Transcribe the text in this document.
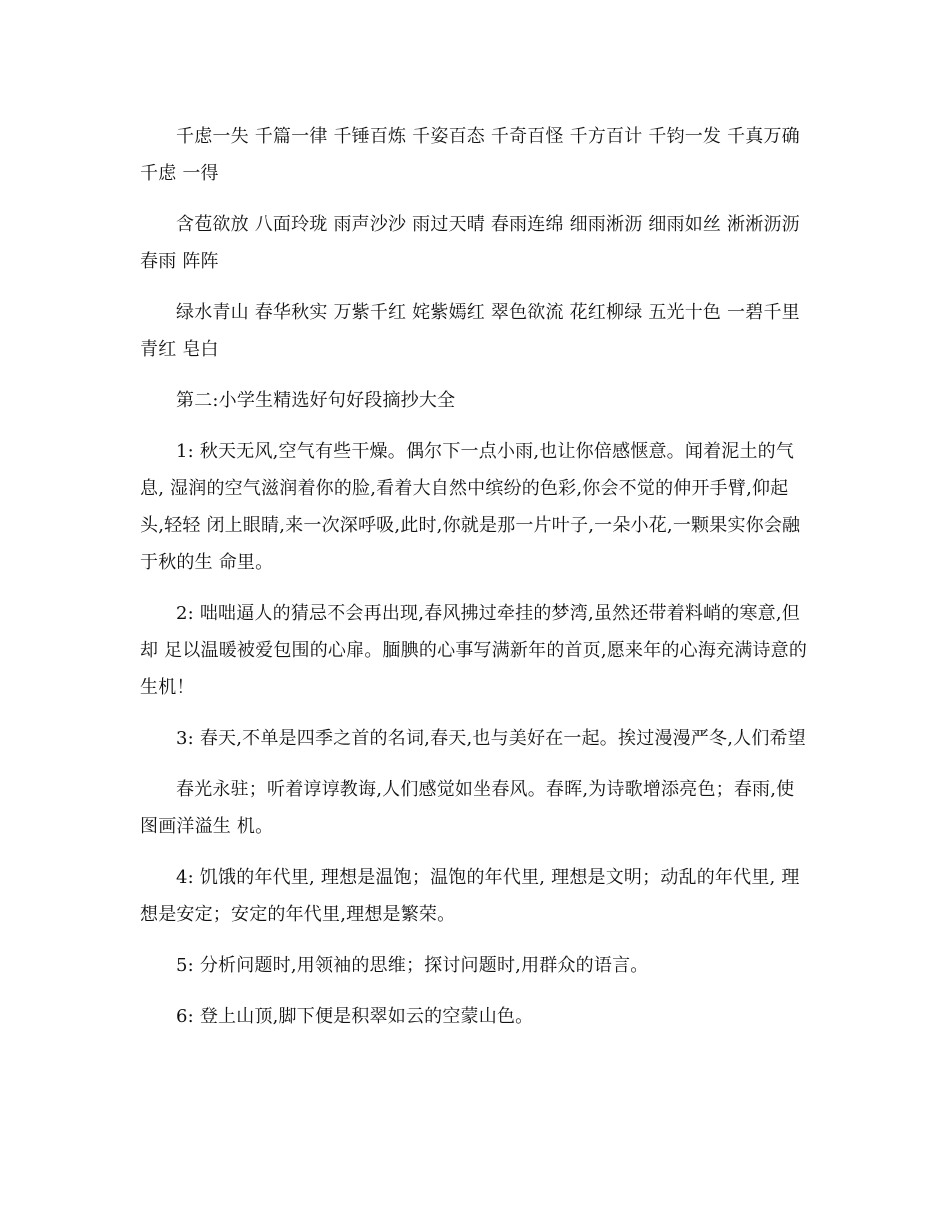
千虑一失 千篇一律 千锤百炼 千姿百态 千奇百怪 千方百计 千钧一发 千真万确 千虑 一得

含苞欲放 八面玲珑 雨声沙沙 雨过天晴 春雨连绵 细雨淅沥 细雨如丝 淅淅沥沥 春雨 阵阵

绿水青山 春华秋实 万紫千红 姹紫嫣红 翠色欲流 花红柳绿 五光十色 一碧千里 青红 皂白

第二:小学生精选好句好段摘抄大全

1: 秋天无风,空气有些干燥。偶尔下一点小雨,也让你倍感惬意。闻着泥土的气息, 湿润的空气滋润着你的脸,看着大自然中缤纷的色彩,你会不觉的伸开手臂,仰起头,轻轻 闭上眼睛,来一次深呼吸,此时,你就是那一片叶子,一朵小花,一颗果实你会融于秋的生 命里。

2: 咄咄逼人的猜忌不会再出现,春风拂过牵挂的梦湾,虽然还带着料峭的寒意,但却 足以温暖被爱包围的心扉。腼腆的心事写满新年的首页,愿来年的心海充满诗意的生机！

3: 春天,不单是四季之首的名词,春天,也与美好在一起。挨过漫漫严冬,人们希望

春光永驻；听着谆谆教诲,人们感觉如坐春风。春晖,为诗歌增添亮色；春雨,使图画洋溢生 机。

4: 饥饿的年代里, 理想是温饱；温饱的年代里, 理想是文明；动乱的年代里, 理想是安定；安定的年代里,理想是繁荣。

5: 分析问题时,用领袖的思维；探讨问题时,用群众的语言。

6: 登上山顶,脚下便是积翠如云的空蒙山色。
